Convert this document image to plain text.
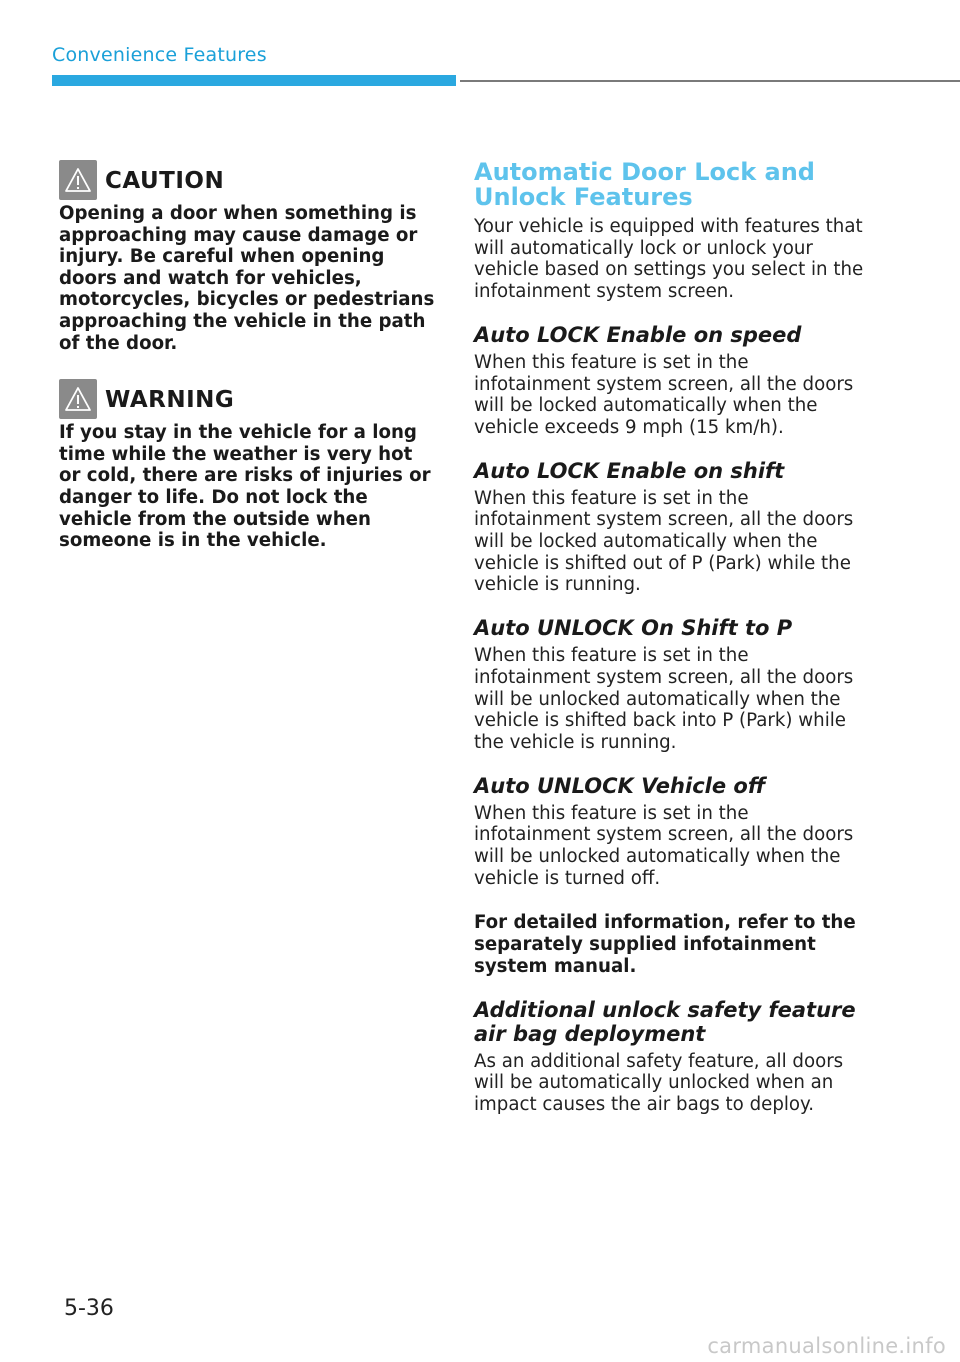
Convenience Features
CAUTION

Opening a door when something is approaching may cause damage or injury. Be careful when opening doors and watch for vehicles, motorcycles, bicycles or pedestrians approaching the vehicle in the path of the door.

WARNING

If you stay in the vehicle for a long time while the weather is very hot or cold, there are risks of injuries or danger to life. Do not lock the vehicle from the outside when someone is in the vehicle.

Automatic Door Lock and Unlock Features

Your vehicle is equipped with features that will automatically lock or unlock your vehicle based on settings you select in the infotainment system screen.

Auto LOCK Enable on speed

When this feature is set in the infotainment system screen, all the doors will be locked automatically when the vehicle exceeds 9 mph (15 km/h).

Auto LOCK Enable on shift

When this feature is set in the infotainment system screen, all the doors will be locked automatically when the vehicle is shifted out of P (Park) while the vehicle is running.

Auto UNLOCK On Shift to P

When this feature is set in the infotainment system screen, all the doors will be unlocked automatically when the vehicle is shifted back into P (Park) while the vehicle is running.

Auto UNLOCK Vehicle off

When this feature is set in the infotainment system screen, all the doors will be unlocked automatically when the vehicle is turned off.

For detailed information, refer to the separately supplied infotainment system manual.

Additional unlock safety feature air bag deployment

As an additional safety feature, all doors will be automatically unlocked when an impact causes the air bags to deploy.

5-36
carmanualsonline.info
